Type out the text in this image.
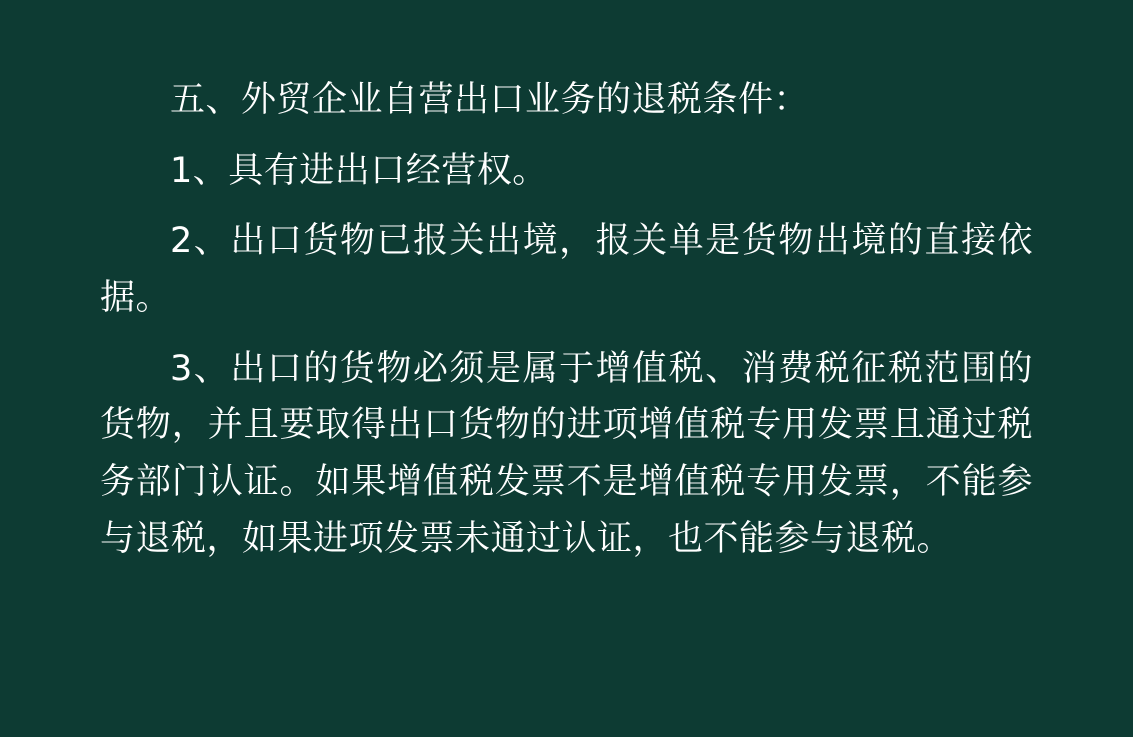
五、外贸企业自营出口业务的退税条件：

1、具有进出口经营权。

2、出口货物已报关出境，报关单是货物出境的直接依据。

3、出口的货物必须是属于增值税、消费税征税范围的货物，并且要取得出口货物的进项增值税专用发票且通过税务部门认证。如果增值税发票不是增值税专用发票，不能参与退税，如果进项发票未通过认证，也不能参与退税。
